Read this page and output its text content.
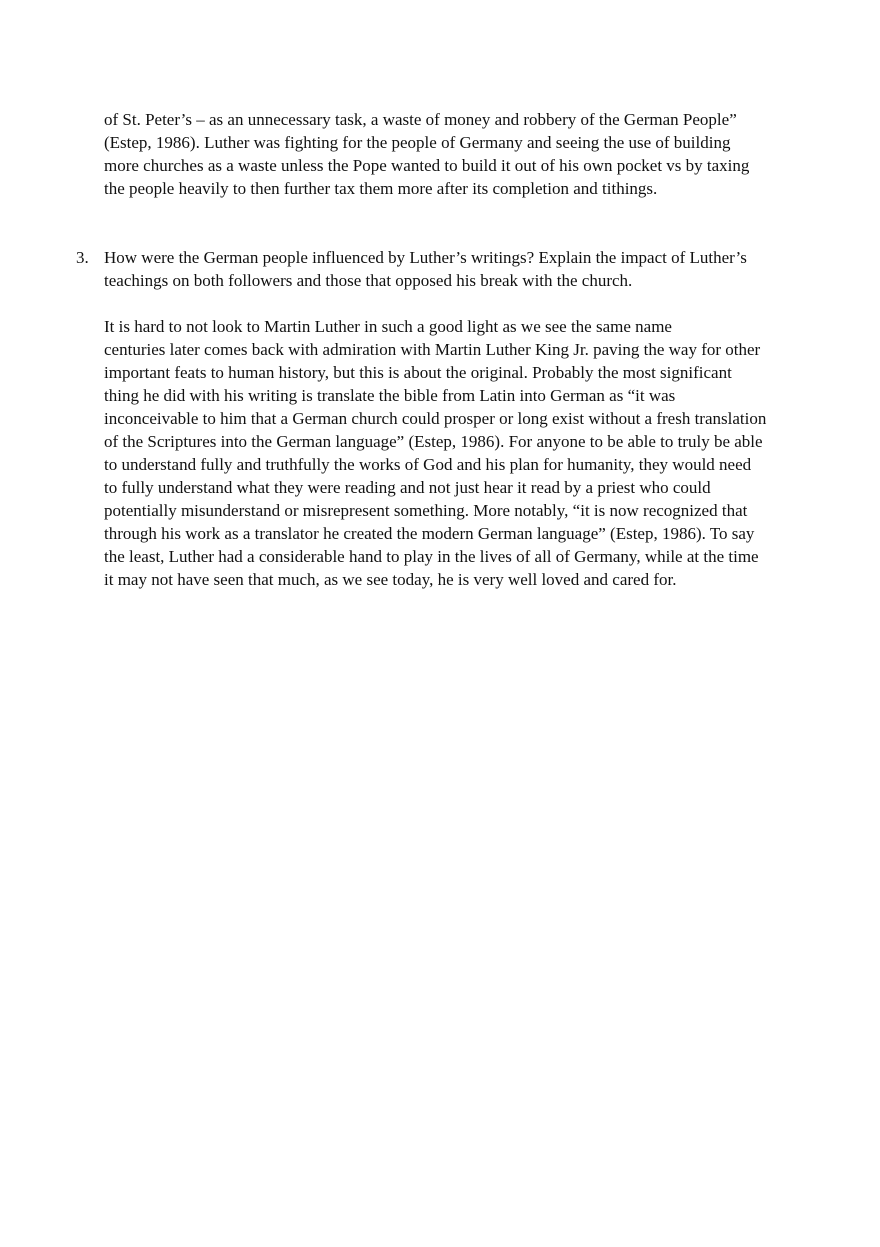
of St. Peter’s – as an unnecessary task, a waste of money and robbery of the German People”
(Estep, 1986). Luther was fighting for the people of Germany and seeing the use of building
more churches as a waste unless the Pope wanted to build it out of his own pocket vs by taxing
the people heavily to then further tax them more after its completion and tithings.

3. How were the German people influenced by Luther’s writings? Explain the impact of Luther’s
teachings on both followers and those that opposed his break with the church.

It is hard to not look to Martin Luther in such a good light as we see the same name
centuries later comes back with admiration with Martin Luther King Jr. paving the way for other
important feats to human history, but this is about the original. Probably the most significant
thing he did with his writing is translate the bible from Latin into German as “it was
inconceivable to him that a German church could prosper or long exist without a fresh translation
of the Scriptures into the German language” (Estep, 1986). For anyone to be able to truly be able
to understand fully and truthfully the works of God and his plan for humanity, they would need
to fully understand what they were reading and not just hear it read by a priest who could
potentially misunderstand or misrepresent something. More notably, “it is now recognized that
through his work as a translator he created the modern German language” (Estep, 1986). To say
the least, Luther had a considerable hand to play in the lives of all of Germany, while at the time
it may not have seen that much, as we see today, he is very well loved and cared for.
